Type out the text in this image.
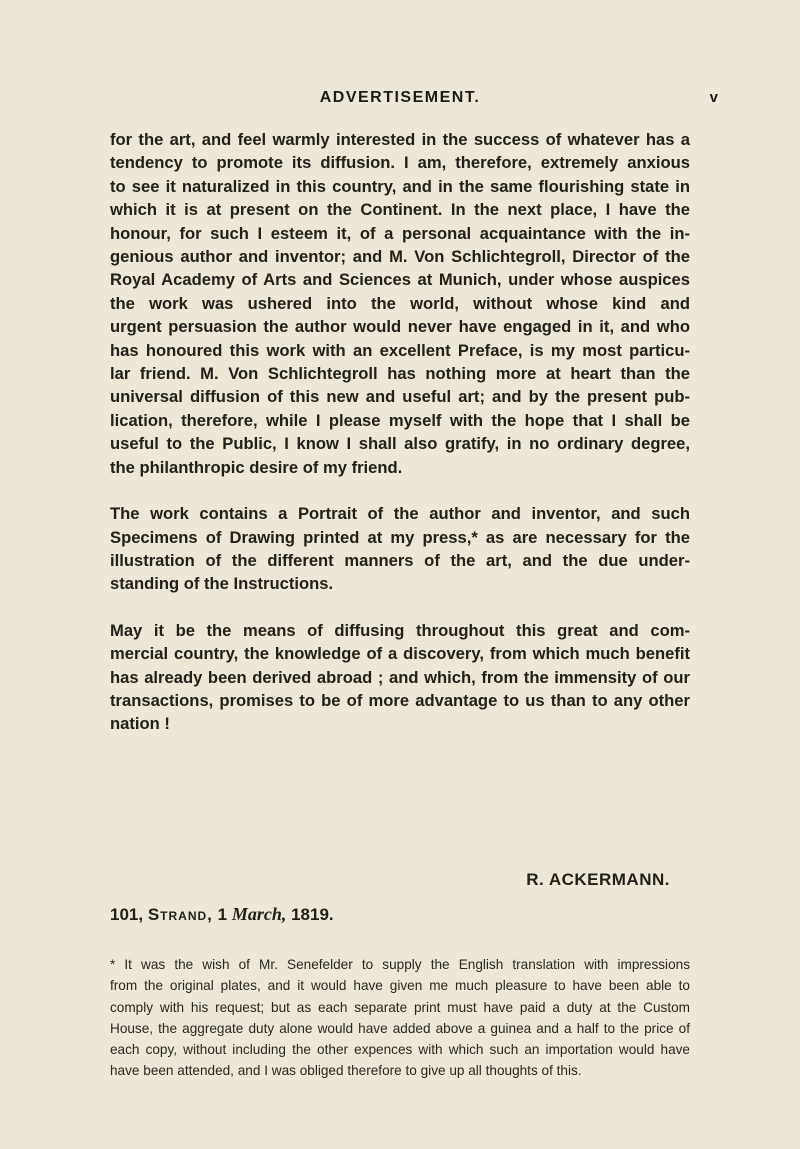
ADVERTISEMENT.	v

for the art, and feel warmly interested in the success of whatever has a
tendency to promote its diffusion. I am, therefore, extremely anxious
to see it naturalized in this country, and in the same flourishing state in
which it is at present on the Continent. In the next place, I have the
honour, for such I esteem it, of a personal acquaintance with the in-
genious author and inventor; and M. Von Schlichtegroll, Director of the
Royal Academy of Arts and Sciences at Munich, under whose auspices
the work was ushered into the world, without whose kind and
urgent persuasion the author would never have engaged in it, and who
has honoured this work with an excellent Preface, is my most particu-
lar friend. M. Von Schlichtegroll has nothing more at heart than the
universal diffusion of this new and useful art; and by the present pub-
lication, therefore, while I please myself with the hope that I shall be
useful to the Public, I know I shall also gratify, in no ordinary degree,
the philanthropic desire of my friend.

The work contains a Portrait of the author and inventor, and such
Specimens of Drawing printed at my press,* as are necessary for the
illustration of the different manners of the art, and the due under-
standing of the Instructions.

May it be the means of diffusing throughout this great and com-
mercial country, the knowledge of a discovery, from which much benefit
has already been derived abroad ; and which, from the immensity of our
transactions, promises to be of more advantage to us than to any other
nation !

R. ACKERMANN.
101, Strand, 1 March, 1819.
* It was the wish of Mr. Senefelder to supply the English translation with impressions
from the original plates, and it would have given me much pleasure to have been able to
comply with his request; but as each separate print must have paid a duty at the Custom
House, the aggregate duty alone would have added above a guinea and a half to the price of
each copy, without including the other expences with which such an importation would have
have been attended, and I was obliged therefore to give up all thoughts of this.
